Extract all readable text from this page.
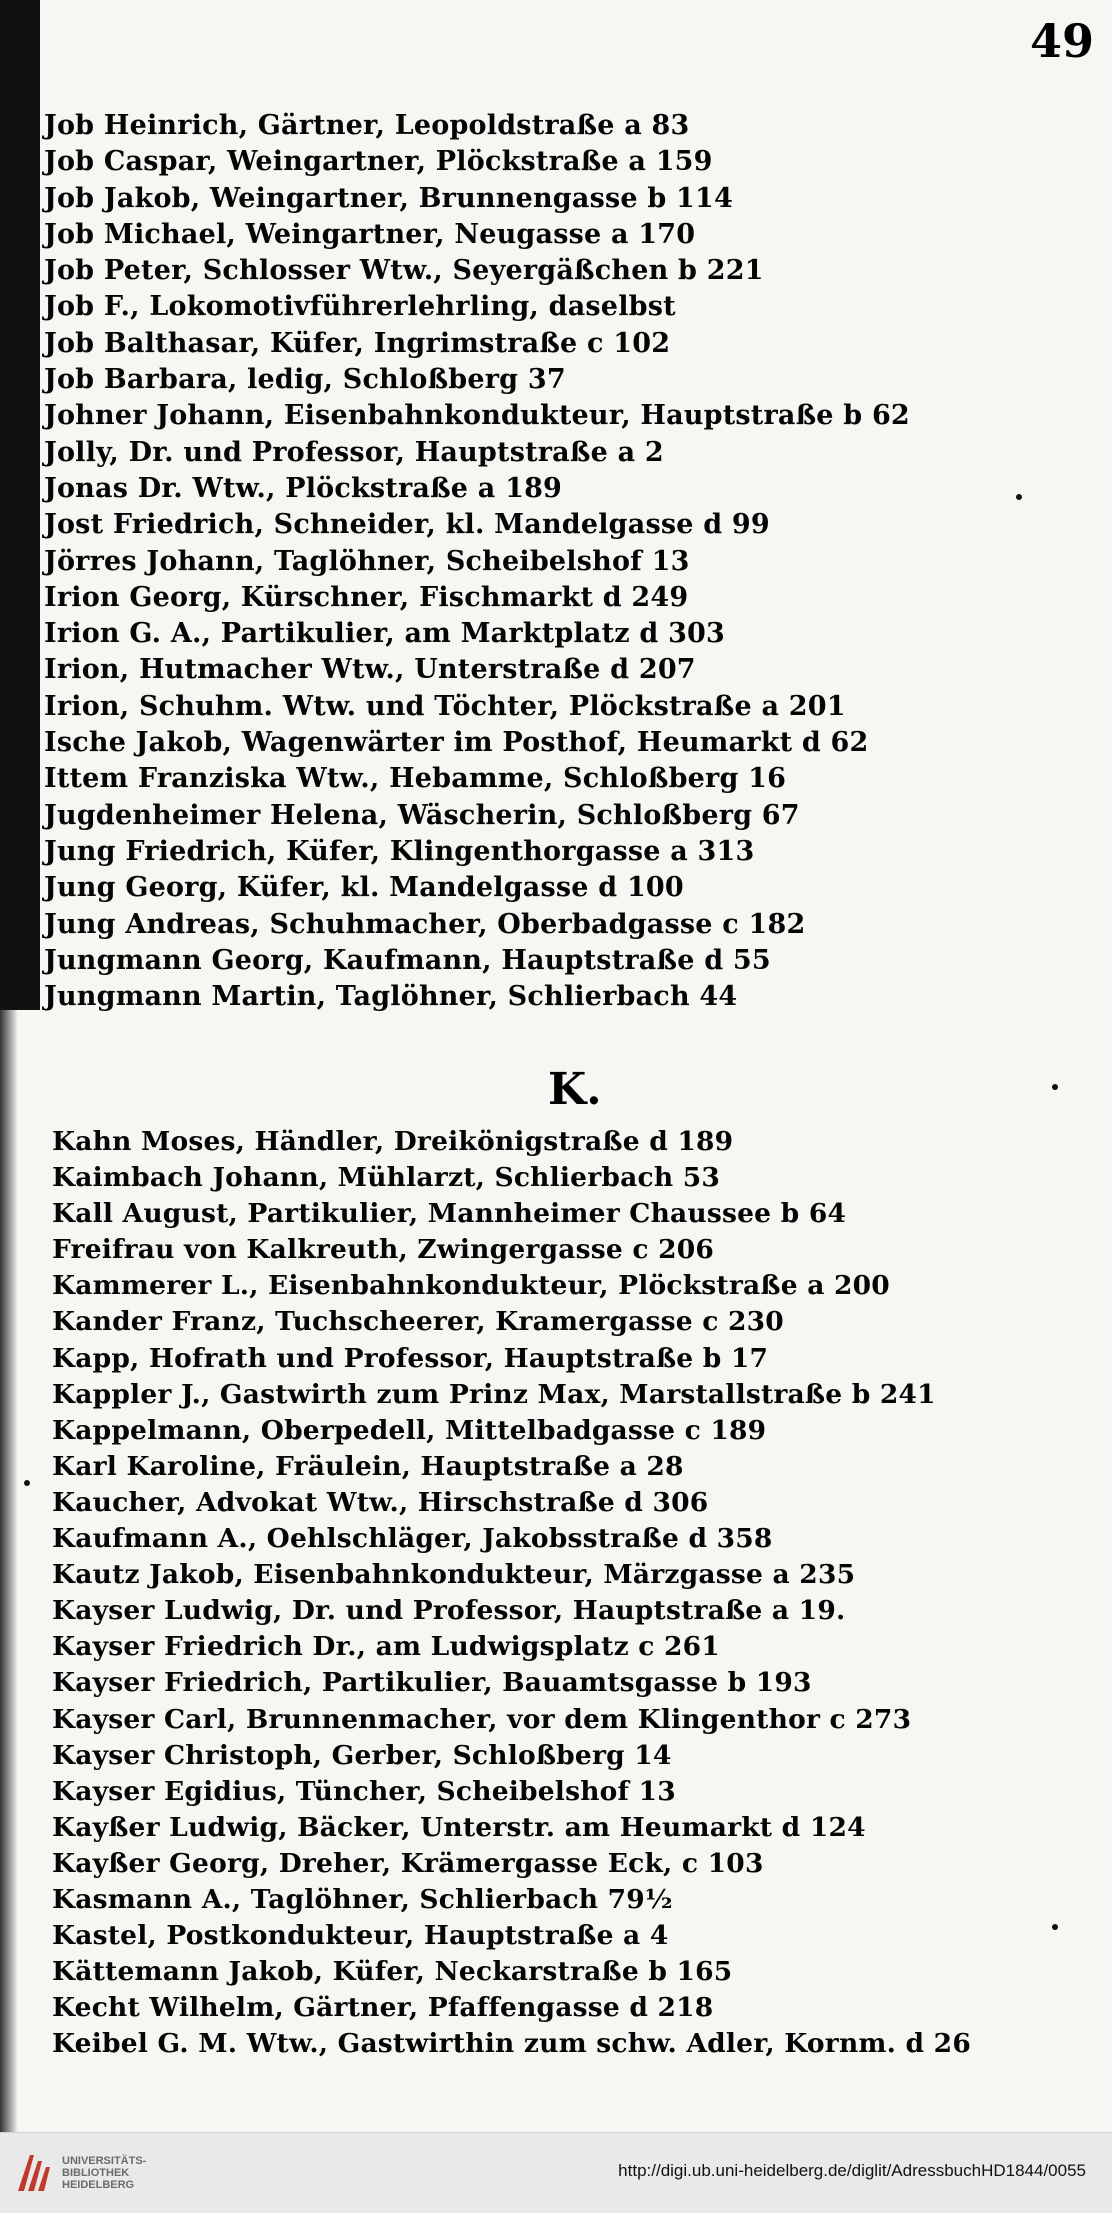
49
Job Heinrich, Gärtner, Leopoldstraße a 83
Job Caspar, Weingartner, Plöckstraße a 159
Job Jakob, Weingartner, Brunnengasse b 114
Job Michael, Weingartner, Neugasse a 170
Job Peter, Schlosser Wtw., Seyergäßchen b 221
Job F., Lokomotivführerlehrling, daselbst
Job Balthasar, Küfer, Ingrimstraße c 102
Job Barbara, ledig, Schloßberg 37
Johner Johann, Eisenbahnkondukteur, Hauptstraße b 62
Jolly, Dr. und Professor, Hauptstraße a 2
Jonas Dr. Wtw., Plöckstraße a 189
Jost Friedrich, Schneider, kl. Mandelgasse d 99
Jörres Johann, Taglöhner, Scheibelshof 13
Irion Georg, Kürschner, Fischmarkt d 249
Irion G. A., Partikulier, am Marktplatz d 303
Irion, Hutmacher Wtw., Unterstraße d 207
Irion, Schuhm. Wtw. und Töchter, Plöckstraße a 201
Ische Jakob, Wagenwärter im Posthof, Heumarkt d 62
Ittem Franziska Wtw., Hebamme, Schloßberg 16
Jugdenheimer Helena, Wäscherin, Schloßberg 67
Jung Friedrich, Küfer, Klingenthorgasse a 313
Jung Georg, Küfer, kl. Mandelgasse d 100
Jung Andreas, Schuhmacher, Oberbadgasse c 182
Jungmann Georg, Kaufmann, Hauptstraße d 55
Jungmann Martin, Taglöhner, Schlierbach 44
K.
Kahn Moses, Händler, Dreikönigstraße d 189
Kaimbach Johann, Mühlarzt, Schlierbach 53
Kall August, Partikulier, Mannheimer Chaussee b 64
Freifrau von Kalkreuth, Zwingergasse c 206
Kammerer L., Eisenbahnkondukteur, Plöckstraße a 200
Kander Franz, Tuchscheerer, Kramergasse c 230
Kapp, Hofrath und Professor, Hauptstraße b 17
Kappler J., Gastwirth zum Prinz Max, Marstallstraße b 241
Kappelmann, Oberpedell, Mittelbadgasse c 189
Karl Karoline, Fräulein, Hauptstraße a 28
Kaucher, Advokat Wtw., Hirschstraße d 306
Kaufmann A., Oehlschläger, Jakobsstraße d 358
Kautz Jakob, Eisenbahnkondukteur, Märzgasse a 235
Kayser Ludwig, Dr. und Professor, Hauptstraße a 19.
Kayser Friedrich Dr., am Ludwigsplatz c 261
Kayser Friedrich, Partikulier, Bauamtsgasse b 193
Kayser Carl, Brunnenmacher, vor dem Klingenthor c 273
Kayser Christoph, Gerber, Schloßberg 14
Kayser Egidius, Tüncher, Scheibelshof 13
Kayßer Ludwig, Bäcker, Unterstr. am Heumarkt d 124
Kayßer Georg, Dreher, Krämergasse Eck, c 103
Kasmann A., Taglöhner, Schlierbach 79½
Kastel, Postkondukteur, Hauptstraße a 4
Kättemann Jakob, Küfer, Neckarstraße b 165
Kecht Wilhelm, Gärtner, Pfaffengasse d 218
Keibel G. M. Wtw., Gastwirthin zum schw. Adler, Kornm. d 26
UNIVERSITÄTS-
BIBLIOTHEK
HEIDELBERG
http://digi.ub.uni-heidelberg.de/diglit/AdressbuchHD1844/0055
